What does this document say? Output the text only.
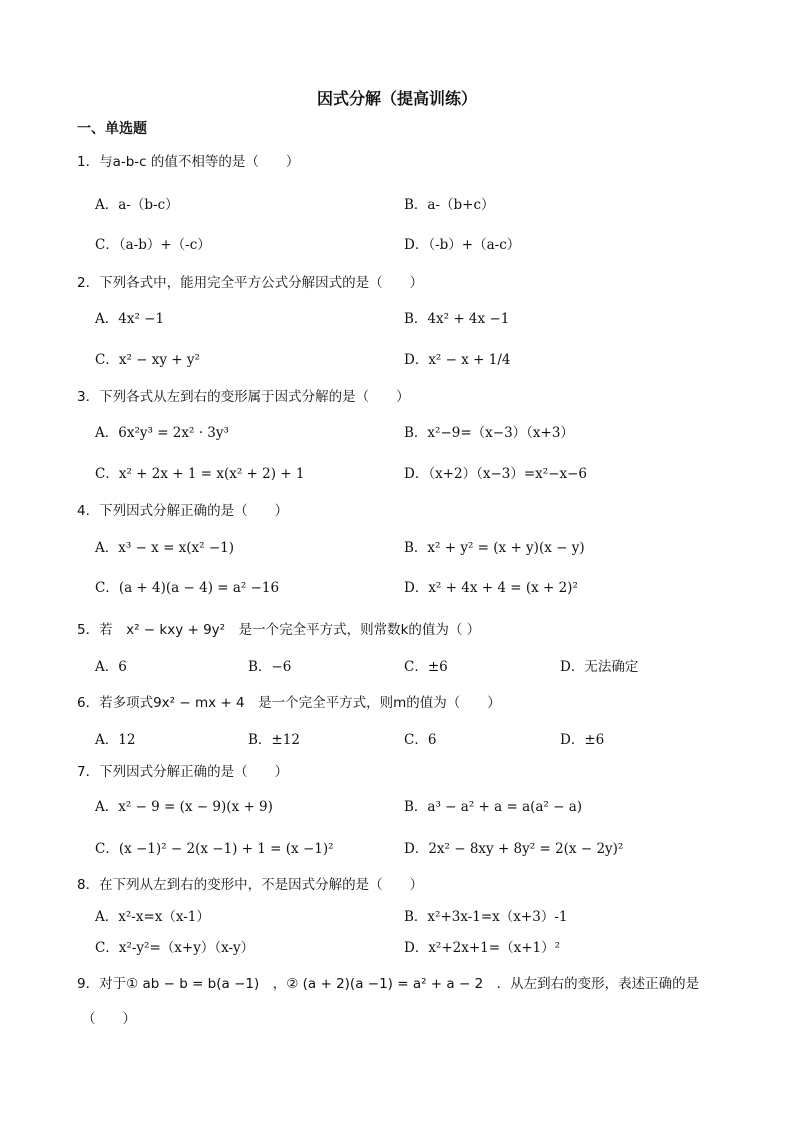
因式分解（提高训练）
一、单选题
1．与a-b-c 的值不相等的是（　　）
A．a-（b-c）	B．a-（b+c）
C．（a-b）+（-c）	D．（-b）+（a-c）
2．下列各式中，能用完全平方公式分解因式的是（　　）
A．4x² −1	B．4x² + 4x −1
C．x² − xy + y²	D．x² − x + 1/4
3．下列各式从左到右的变形属于因式分解的是（　　）
A．6x²y³ = 2x² · 3y³	B．x²−9=（x−3）（x+3）
C．x² + 2x + 1 = x(x² + 2) + 1	D．（x+2）（x−3）=x²−x−6
4．下列因式分解正确的是（　　）
A．x³ − x = x(x² −1)	B．x² + y² = (x + y)(x − y)
C．(a + 4)(a − 4) = a² −16	D．x² + 4x + 4 = (x + 2)²
5．若　x² − kxy + 9y²　是一个完全平方式，则常数k的值为（ ）
A．6	B．−6	C．±6	D．无法确定
6．若多项式9x² − mx + 4　是一个完全平方式，则m的值为（　　）
A．12	B．±12	C．6	D．±6
7．下列因式分解正确的是（　　）
A．x² − 9 = (x − 9)(x + 9)	B．a³ − a² + a = a(a² − a)
C．(x −1)² − 2(x −1) + 1 = (x −1)²	D．2x² − 8xy + 8y² = 2(x − 2y)²
8．在下列从左到右的变形中，不是因式分解的是（　　）
A．x²-x=x（x-1）	B．x²+3x-1=x（x+3）-1
C．x²-y²=（x+y）（x-y）	D．x²+2x+1=（x+1）²
9．对于① ab − b = b(a −1)　，② (a + 2)(a −1) = a² + a − 2　．从左到右的变形，表述正确的是
（　　）
